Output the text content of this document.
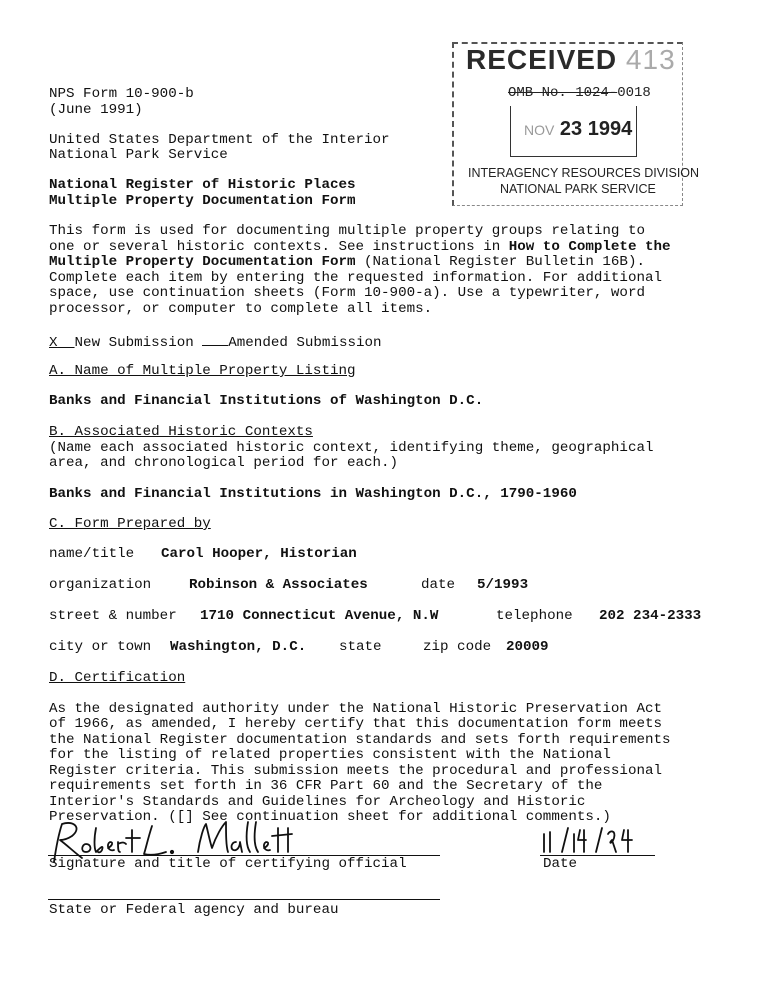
NPS Form 10-900-b
(June 1991)
United States Department of the Interior
National Park Service
National Register of Historic Places
Multiple Property Documentation Form
RECEIVED 413
OMB No. 1024-0018
NOV 23 1994
INTERAGENCY RESOURCES DIVISION
NATIONAL PARK SERVICE
This form is used for documenting multiple property groups relating to
one or several historic contexts. See instructions in How to Complete the
Multiple Property Documentation Form (National Register Bulletin 16B).
Complete each item by entering the requested information. For additional
space, use continuation sheets (Form 10-900-a). Use a typewriter, word
processor, or computer to complete all items.
X New Submission Amended Submission
A. Name of Multiple Property Listing
Banks and Financial Institutions of Washington D.C.
B. Associated Historic Contexts
(Name each associated historic context, identifying theme, geographical
area, and chronological period for each.)
Banks and Financial Institutions in Washington D.C., 1790-1960
C. Form Prepared by
name/title Carol Hooper, Historian
organization	Robinson & Associates	date 5/1993
street & number 1710 Connecticut Avenue, N.W	telephone 202 234-2333
city or town Washington, D.C. state	zip code 20009
D. Certification
As the designated authority under the National Historic Preservation Act
of 1966, as amended, I hereby certify that this documentation form meets
the National Register documentation standards and sets forth requirements
for the listing of related properties consistent with the National
Register criteria. This submission meets the procedural and professional
requirements set forth in 36 CFR Part 60 and the Secretary of the
Interior's Standards and Guidelines for Archeology and Historic
Preservation. ([] See continuation sheet for additional comments.)
Signature and title of certifying official	Date
State or Federal agency and bureau
